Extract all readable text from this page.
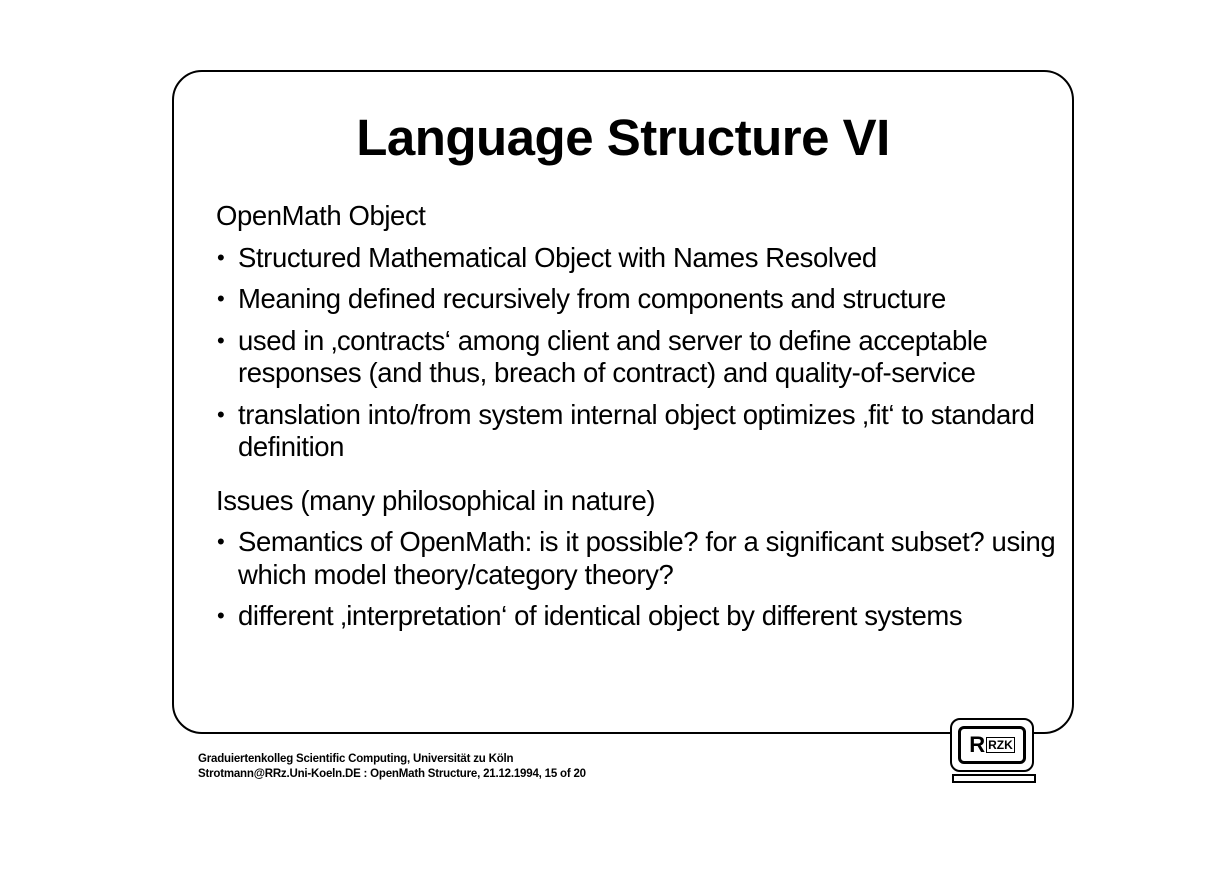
Language Structure VI
OpenMath Object
• Structured Mathematical Object with Names Resolved
• Meaning defined recursively from components and structure
• used in ‚contracts‘ among client and server to define acceptable responses (and thus, breach of contract) and quality-of-service
• translation into/from system internal object optimizes ‚fit‘ to standard definition
Issues (many philosophical in nature)
• Semantics of OpenMath: is it possible? for a significant subset? using which model theory/category theory?
• different ‚interpretation‘ of identical object by different systems
Graduiertenkolleg Scientific Computing, Universität zu Köln
Strotmann@RRz.Uni-Koeln.DE : OpenMath Structure, 21.12.1994, 15 of 20
R RZK
